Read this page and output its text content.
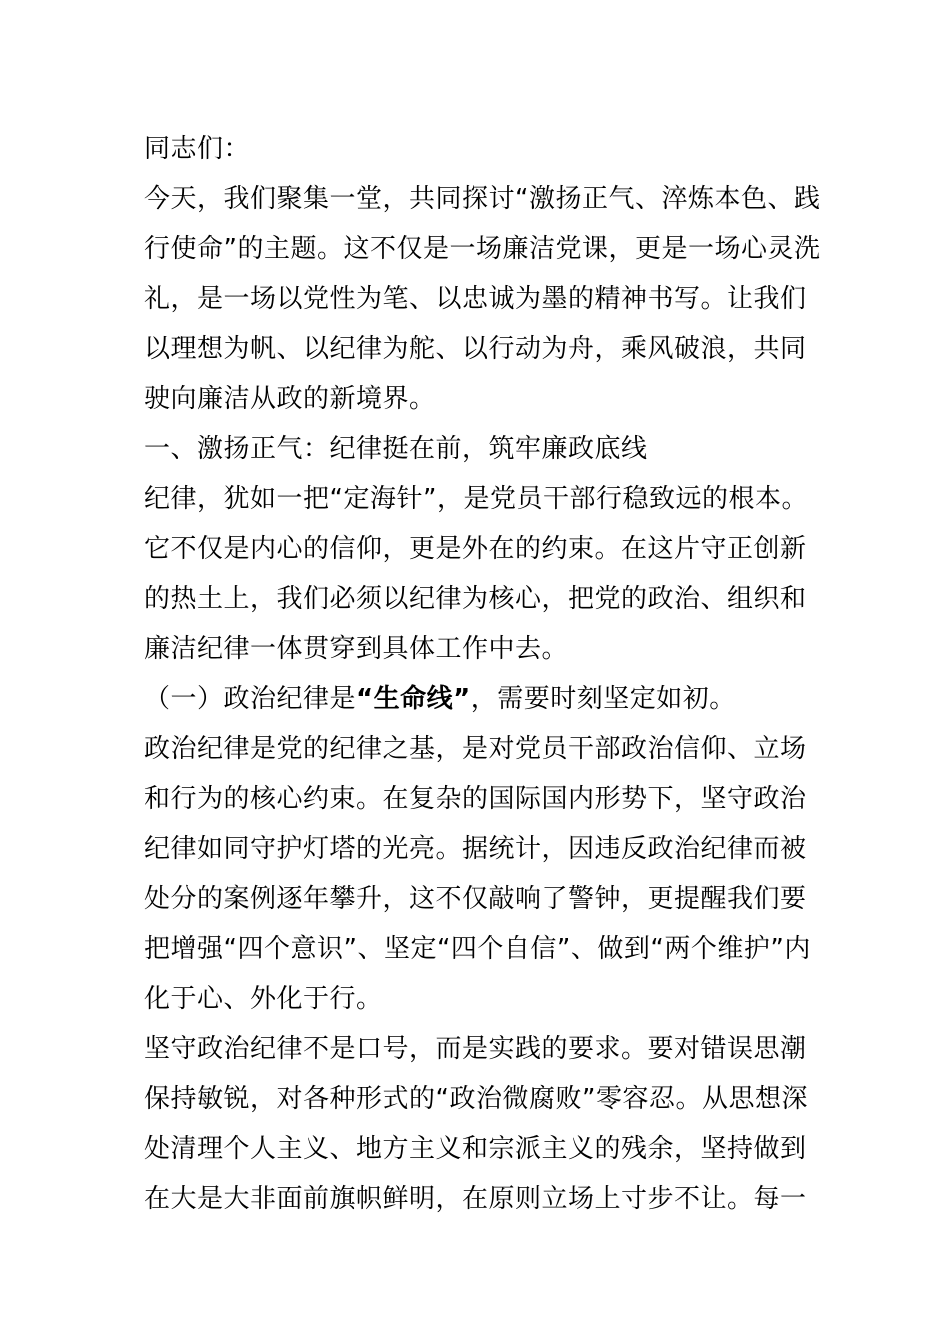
同志们：

今天，我们聚集一堂，共同探讨“激扬正气、淬炼本色、践行使命”的主题。这不仅是一场廉洁党课，更是一场心灵洗礼，是一场以党性为笔、以忠诚为墨的精神书写。让我们以理想为帆、以纪律为舵、以行动为舟，乘风破浪，共同驶向廉洁从政的新境界。

一、激扬正气：纪律挺在前，筑牢廉政底线

纪律，犹如一把“定海针”，是党员干部行稳致远的根本。它不仅是内心的信仰，更是外在的约束。在这片守正创新的热土上，我们必须以纪律为核心，把党的政治、组织和廉洁纪律一体贯穿到具体工作中去。

（一）政治纪律是“生命线”，需要时刻坚定如初。

政治纪律是党的纪律之基，是对党员干部政治信仰、立场和行为的核心约束。在复杂的国际国内形势下，坚守政治纪律如同守护灯塔的光亮。据统计，因违反政治纪律而被处分的案例逐年攀升，这不仅敲响了警钟，更提醒我们要把增强“四个意识”、坚定“四个自信”、做到“两个维护”内化于心、外化于行。

坚守政治纪律不是口号，而是实践的要求。要对错误思潮保持敏锐，对各种形式的“政治微腐败”零容忍。从思想深处清理个人主义、地方主义和宗派主义的残余，坚持做到在大是大非面前旗帜鲜明，在原则立场上寸步不让。每一
